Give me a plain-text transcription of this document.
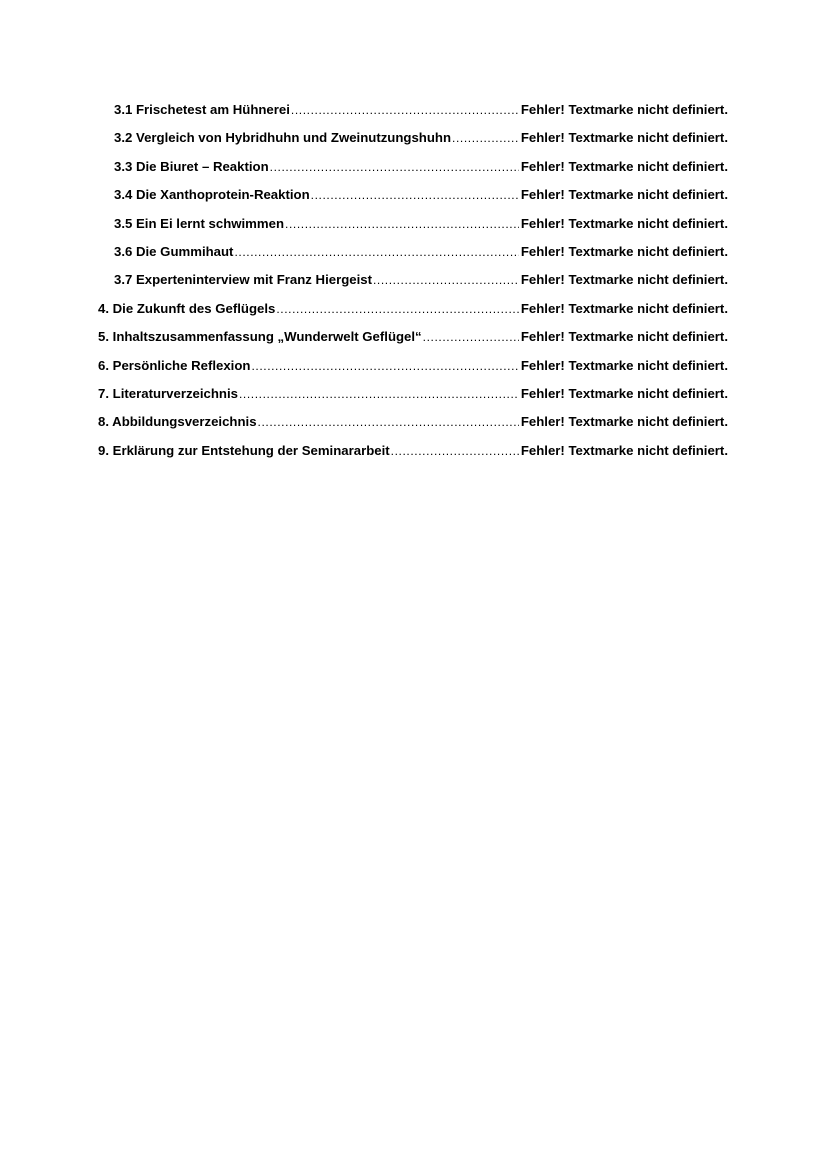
3.1 Frischetest am Hühnerei .....	Fehler! Textmarke nicht definiert.
3.2 Vergleich von Hybridhuhn und Zweinutzungshuhn .....	Fehler! Textmarke nicht definiert.
3.3 Die Biuret – Reaktion .....	Fehler! Textmarke nicht definiert.
3.4 Die Xanthoprotein-Reaktion .....	Fehler! Textmarke nicht definiert.
3.5 Ein Ei lernt schwimmen .....	Fehler! Textmarke nicht definiert.
3.6 Die Gummihaut .....	Fehler! Textmarke nicht definiert.
3.7 Experteninterview mit Franz Hiergeist .....	Fehler! Textmarke nicht definiert.
4. Die Zukunft des Geflügels .....	Fehler! Textmarke nicht definiert.
5. Inhaltszusammenfassung „Wunderwelt Geflügel“ .....	Fehler! Textmarke nicht definiert.
6. Persönliche Reflexion .....	Fehler! Textmarke nicht definiert.
7. Literaturverzeichnis .....	Fehler! Textmarke nicht definiert.
8. Abbildungsverzeichnis .....	Fehler! Textmarke nicht definiert.
9. Erklärung zur Entstehung der Seminararbeit .....	Fehler! Textmarke nicht definiert.
